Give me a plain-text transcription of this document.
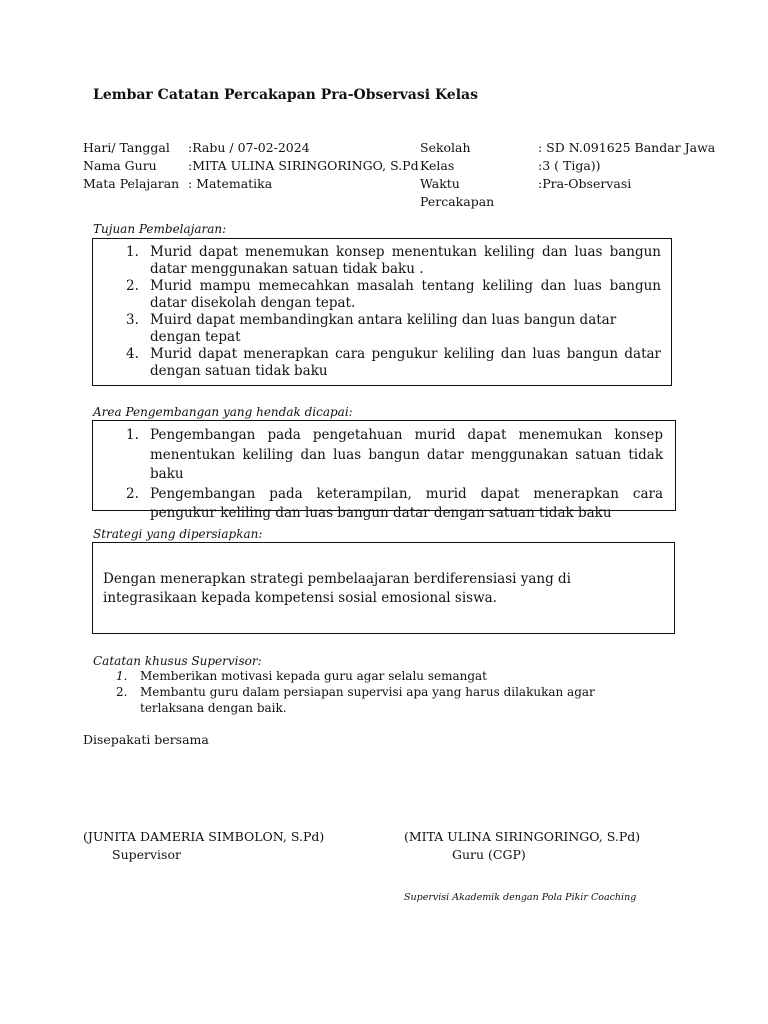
Lembar Catatan Percakapan Pra-Observasi Kelas
Hari/ Tanggal	:Rabu / 07-02-2024
Nama Guru	:MITA ULINA SIRINGORINGO, S.Pd
Mata Pelajaran : Matematika
Sekolah	: SD N.091625 Bandar Jawa
Kelas	:3 ( Tiga))
Waktu
Percakapan
:Pra-Observasi
Tujuan Pembelajaran:
1. Murid dapat menemukan konsep menentukan keliling dan luas bangun datar menggunakan satuan tidak baku .
2. Murid mampu memecahkan masalah tentang keliling dan luas bangun datar disekolah dengan tepat.
3. Muird dapat membandingkan antara keliling dan luas bangun datar dengan tepat
4. Murid dapat menerapkan cara pengukur keliling dan luas bangun datar dengan satuan tidak baku
Area Pengembangan yang hendak dicapai:
1. Pengembangan pada pengetahuan murid dapat menemukan konsep menentukan keliling dan luas bangun datar menggunakan satuan tidak baku
2. Pengembangan pada keterampilan, murid dapat menerapkan cara pengukur keliling dan luas bangun datar dengan satuan tidak baku
Strategi yang dipersiapkan:
Dengan menerapkan strategi pembelaajaran berdiferensiasi yang di integrasikaan kepada kompetensi sosial emosional siswa.
Catatan khusus Supervisor:
1. Memberikan motivasi kepada guru agar selalu semangat
2. Membantu guru dalam persiapan supervisi apa yang harus dilakukan agar terlaksana dengan baik.
Disepakati bersama
(JUNITA DAMERIA SIMBOLON, S.Pd)
Supervisor
(MITA ULINA SIRINGORINGO, S.Pd)
Guru (CGP)
Supervisi Akademik dengan Pola Pikir Coaching
